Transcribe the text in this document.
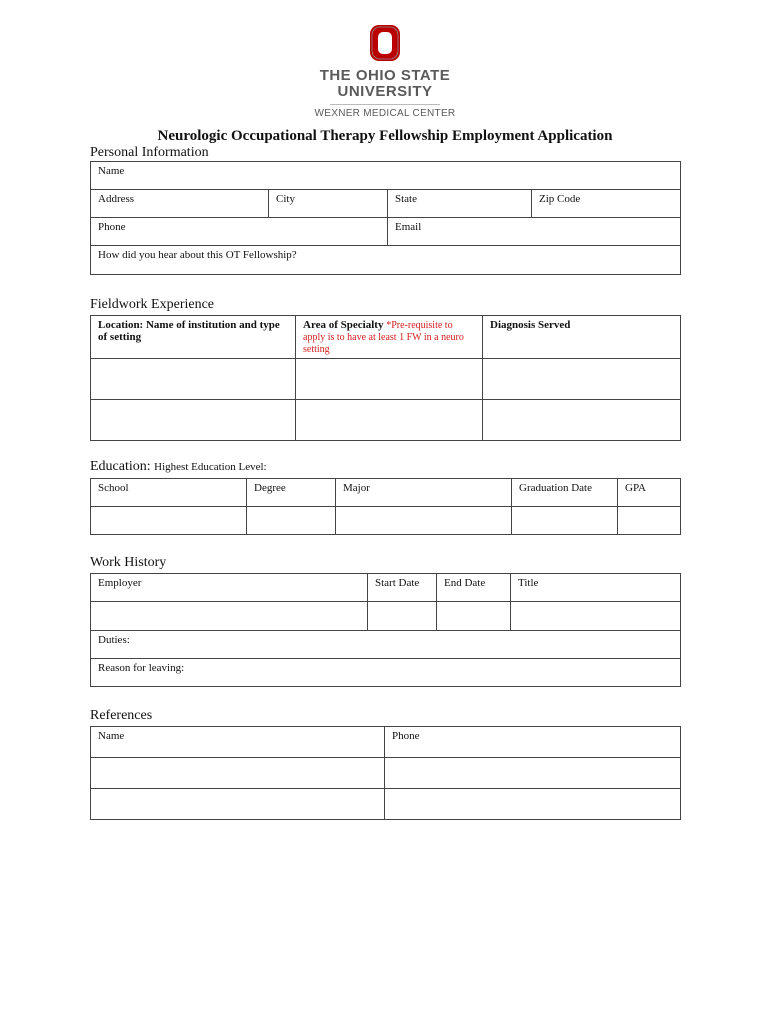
THE OHIO STATE
UNIVERSITY
WEXNER MEDICAL CENTER
Neurologic Occupational Therapy Fellowship Employment Application
Personal Information
Name			
Address	City	State	Zip Code
Phone		Email	
How did you hear about this OT Fellowship?			
Fieldwork Experience
Location: Name of institution and type of setting	Area of Specialty *Pre-requisite to apply is to have at least 1 FW in a neuro setting	Diagnosis Served

Education: Highest Education Level:
School	Degree	Major	Graduation Date	GPA

Work History
Employer	Start Date	End Date	Title

Duties:			
Reason for leaving:			
References
Name	Phone
